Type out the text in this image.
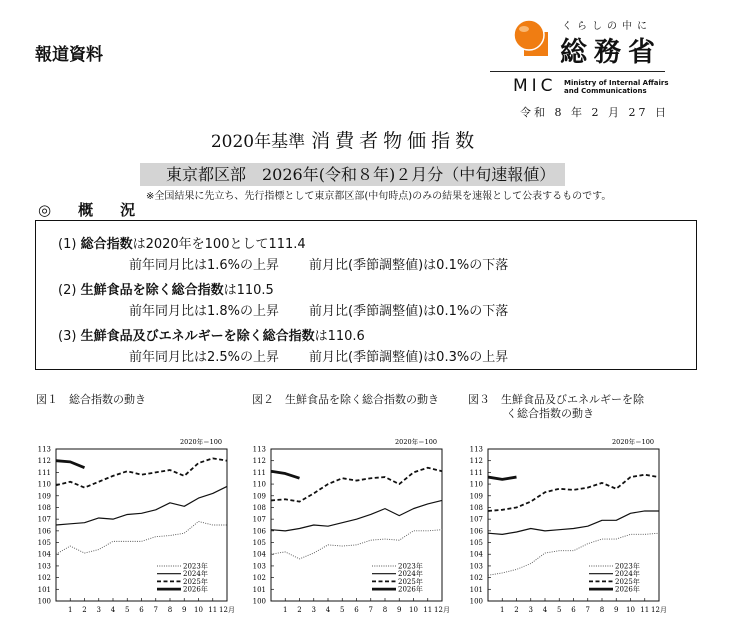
報道資料
くらしの中に
総務省
MIC Ministry of Internal Affairs and Communications
令和 8 年 2 月 27 日
2020年基準 消費者物価指数
東京都区部　2026年(令和８年)２月分（中旬速報値）
※全国結果に先立ち、先行指標として東京都区部(中旬時点)のみの結果を速報として公表するものです。
◎　概　況
(1) 総合指数は2020年を100として111.4
前年同月比は1.6%の上昇 前月比(季節調整値)は0.1%の下落
(2) 生鮮食品を除く総合指数は110.5
前年同月比は1.8%の上昇 前月比(季節調整値)は0.1%の下落
(3) 生鮮食品及びエネルギーを除く総合指数は110.6
前年同月比は2.5%の上昇 前月比(季節調整値)は0.3%の上昇
図１　 総合指数の動き	図２　 生鮮食品を除く総合指数の動き	図３　 生鮮食品及びエネルギーを除く総合指数の動き
2020年＝100
100
101
102
103
104
105
106
107
108
109
110
111
112
113
1 2 3 4 5 6 7 8 9 10 11 12月
2023年
2024年
2025年
2026年
2020年＝100
100
101
102
103
104
105
106
107
108
109
110
111
112
113
1 2 3 4 5 6 7 8 9 10 11 12月
2023年
2024年
2025年
2026年
2020年＝100
100
101
102
103
104
105
106
107
108
109
110
111
112
113
1 2 3 4 5 6 7 8 9 10 11 12月
2023年
2024年
2025年
2026年
